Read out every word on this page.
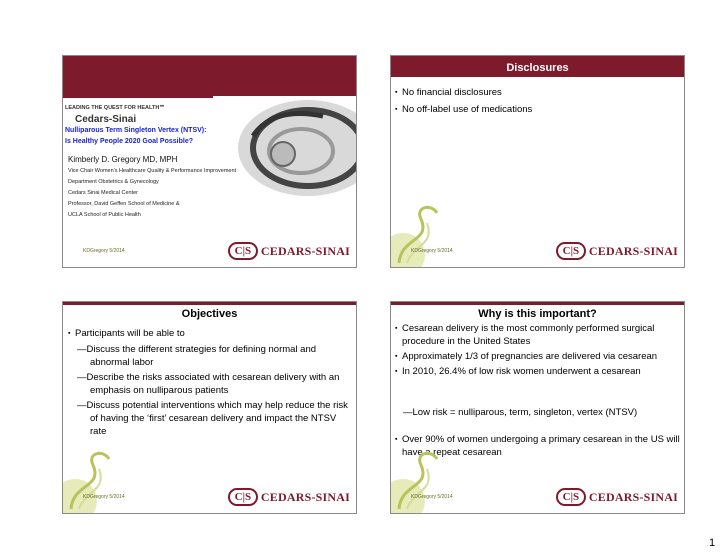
LEADING THE QUEST FOR HEALTH℠
Cedars-Sinai
Nulliparous Term Singleton Vertex (NTSV):
Is Healthy People 2020 Goal Possible?
Kimberly D. Gregory MD, MPH
Vice Chair Women's Healthcare Quality & Performance Improvement
Department Obstetrics & Gynecology
Cedars Sinai Medical Center
Professor, David Geffen School of Medicine &
UCLA School of Public Health
KDGregory 5/2014	C|S CEDARS-SINAI
Disclosures
▪ No financial disclosures
▪ No off-label use of medications
KDGregory 5/2014	C|S CEDARS-SINAI
Objectives
▪ Participants will be able to
—Discuss the different strategies for defining normal and abnormal labor
—Describe the risks associated with cesarean delivery with an emphasis on nulliparous patients
—Discuss potential interventions which may help reduce the risk of having the ‘first’ cesarean delivery and impact the NTSV rate
KDGregory 5/2014	C|S CEDARS-SINAI
Why is this important?
▪ Cesarean delivery is the most commonly performed surgical procedure in the United States
▪ Approximately 1/3 of pregnancies are delivered via cesarean
▪ In 2010, 26.4% of low risk women underwent a cesarean
—Low risk = nulliparous, term, singleton, vertex (NTSV)
▪ Over 90% of women undergoing a primary cesarean in the US will have a repeat cesarean
KDGregory 5/2014	C|S CEDARS-SINAI
1
